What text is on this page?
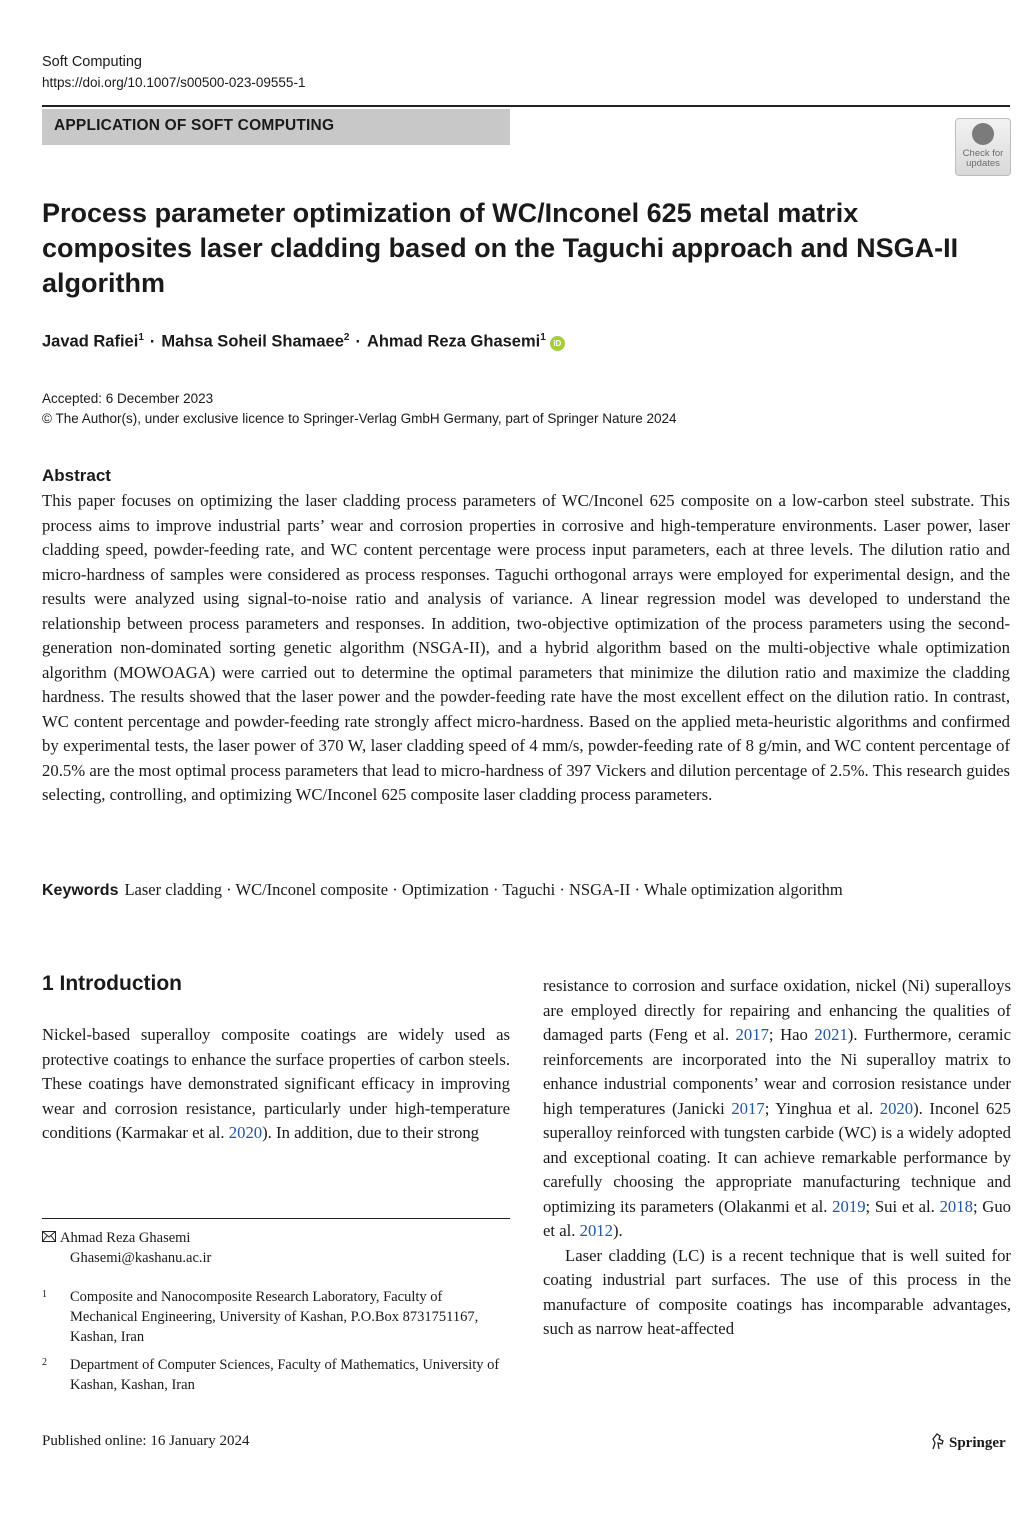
Soft Computing
https://doi.org/10.1007/s00500-023-09555-1
APPLICATION OF SOFT COMPUTING
Check for updates
Process parameter optimization of WC/Inconel 625 metal matrix composites laser cladding based on the Taguchi approach and NSGA-II algorithm
Javad Rafiei$^1$ · Mahsa Soheil Shamaee$^2$ · Ahmad Reza Ghasemi$^1$ iD
Accepted: 6 December 2023
© The Author(s), under exclusive licence to Springer-Verlag GmbH Germany, part of Springer Nature 2024
Abstract

This paper focuses on optimizing the laser cladding process parameters of WC/Inconel 625 composite on a low-carbon steel substrate. This process aims to improve industrial parts’ wear and corrosion properties in corrosive and high-temperature environments. Laser power, laser cladding speed, powder-feeding rate, and WC content percentage were process input parameters, each at three levels. The dilution ratio and micro-hardness of samples were considered as process responses. Taguchi orthogonal arrays were employed for experimental design, and the results were analyzed using signal-to-noise ratio and analysis of variance. A linear regression model was developed to understand the relationship between process parameters and responses. In addition, two-objective optimization of the process parameters using the second-generation non-dominated sorting genetic algorithm (NSGA-II), and a hybrid algorithm based on the multi-objective whale optimization algorithm (MOWOAGA) were carried out to determine the optimal parameters that minimize the dilution ratio and maximize the cladding hardness. The results showed that the laser power and the powder-feeding rate have the most excellent effect on the dilution ratio. In contrast, WC content percentage and powder-feeding rate strongly affect micro-hardness. Based on the applied meta-heuristic algorithms and confirmed by experimental tests, the laser power of 370 W, laser cladding speed of 4 mm/s, powder-feeding rate of 8 g/min, and WC content percentage of 20.5% are the most optimal process parameters that lead to micro-hardness of 397 Vickers and dilution percentage of 2.5%. This research guides selecting, controlling, and optimizing WC/Inconel 625 composite laser cladding process parameters.

Keywords Laser cladding · WC/Inconel composite · Optimization · Taguchi · NSGA-II · Whale optimization algorithm
1 Introduction

Nickel-based superalloy composite coatings are widely used as protective coatings to enhance the surface properties of carbon steels. These coatings have demonstrated significant efficacy in improving wear and corrosion resistance, particularly under high-temperature conditions (Karmakar et al. 2020). In addition, due to their strong

resistance to corrosion and surface oxidation, nickel (Ni) superalloys are employed directly for repairing and enhancing the qualities of damaged parts (Feng et al. 2017; Hao 2021). Furthermore, ceramic reinforcements are incorporated into the Ni superalloy matrix to enhance industrial components’ wear and corrosion resistance under high temperatures (Janicki 2017; Yinghua et al. 2020). Inconel 625 superalloy reinforced with tungsten carbide (WC) is a widely adopted and exceptional coating. It can achieve remarkable performance by carefully choosing the appropriate manufacturing technique and optimizing its parameters (Olakanmi et al. 2019; Sui et al. 2018; Guo et al. 2012).

Laser cladding (LC) is a recent technique that is well suited for coating industrial part surfaces. The use of this process in the manufacture of composite coatings has incomparable advantages, such as narrow heat-affected

Ahmad Reza Ghasemi
Ghasemi@kashanu.ac.ir
1 Composite and Nanocomposite Research Laboratory, Faculty of Mechanical Engineering, University of Kashan, P.O.Box 8731751167, Kashan, Iran
2 Department of Computer Sciences, Faculty of Mathematics, University of Kashan, Kashan, Iran
Published online: 16 January 2024	Springer
